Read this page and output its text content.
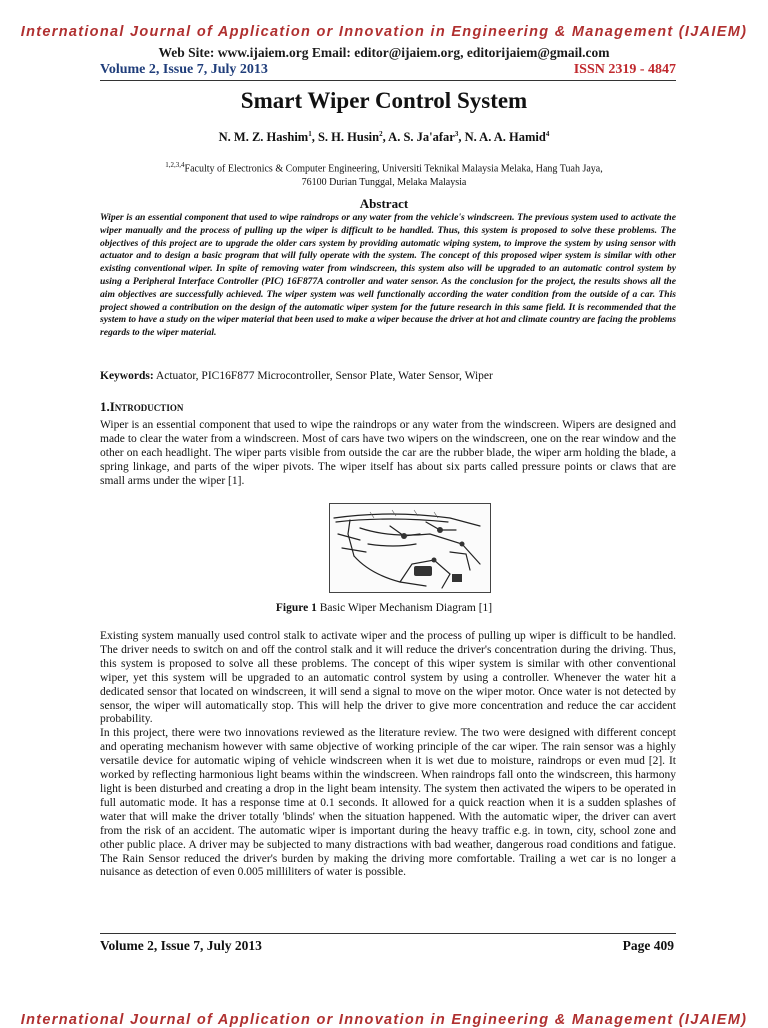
International Journal of Application or Innovation in Engineering & Management (IJAIEM)
Web Site: www.ijaiem.org Email: editor@ijaiem.org, editorijaiem@gmail.com
Volume 2, Issue 7, July 2013	ISSN 2319 - 4847
Smart Wiper Control System
N. M. Z. Hashim$^1$, S. H. Husin$^2$, A. S. Ja'afar$^3$, N. A. A. Hamid$^4$
$^{1,2,3,4}$Faculty of Electronics & Computer Engineering, Universiti Teknikal Malaysia Melaka, Hang Tuah Jaya,
76100 Durian Tunggal, Melaka Malaysia
Abstract
Wiper is an essential component that used to wipe raindrops or any water from the vehicle's windscreen. The previous system used to activate the wiper manually and the process of pulling up the wiper is difficult to be handled. Thus, this system is proposed to solve these problems. The objectives of this project are to upgrade the older cars system by providing automatic wiping system, to improve the system by using sensor with actuator and to design a basic program that will fully operate with the system. The concept of this proposed wiper system is similar with other existing conventional wiper. In spite of removing water from windscreen, this system also will be upgraded to an automatic control system by using a Peripheral Interface Controller (PIC) 16F877A controller and water sensor. As the conclusion for the project, the results shows all the aim objectives are successfully achieved. The wiper system was well functionally according the water condition from the outside of a car. This project showed a contribution on the design of the automatic wiper system for the future research in this same field. It is recommended that the system to have a study on the wiper material that been used to make a wiper because the driver at hot and climate country are facing the problems regards to the wiper material.
Keywords: Actuator, PIC16F877 Microcontroller, Sensor Plate, Water Sensor, Wiper
1.Introduction

Wiper is an essential component that used to wipe the raindrops or any water from the windscreen. Wipers are designed and made to clear the water from a windscreen. Most of cars have two wipers on the windscreen, one on the rear window and the other on each headlight. The wiper parts visible from outside the car are the rubber blade, the wiper arm holding the blade, a spring linkage, and parts of the wiper pivots. The wiper itself has about six parts called pressure points or claws that are small arms under the wiper [1].

Figure 1 Basic Wiper Mechanism Diagram [1]

Existing system manually used control stalk to activate wiper and the process of pulling up wiper is difficult to be handled. The driver needs to switch on and off the control stalk and it will reduce the driver's concentration during the driving. Thus, this system is proposed to solve all these problems. The concept of this wiper system is similar with other conventional wiper, yet this system will be upgraded to an automatic control system by using a controller. Whenever the water hit a dedicated sensor that located on windscreen, it will send a signal to move on the wiper motor. Once water is not detected by sensor, the wiper will automatically stop. This will help the driver to give more concentration and reduce the car accident probability.

In this project, there were two innovations reviewed as the literature review. The two were designed with different concept and operating mechanism however with same objective of working principle of the car wiper. The rain sensor was a highly versatile device for automatic wiping of vehicle windscreen when it is wet due to moisture, raindrops or even mud [2]. It worked by reflecting harmonious light beams within the windscreen. When raindrops fall onto the windscreen, this harmony light is been disturbed and creating a drop in the light beam intensity. The system then activated the wipers to be operated in full automatic mode. It has a response time at 0.1 seconds. It allowed for a quick reaction when it is a sudden splashes of water that will make the driver totally 'blinds' when the situation happened. With the automatic wiper, the driver can avert from the risk of an accident. The automatic wiper is important during the heavy traffic e.g. in town, city, school zone and other public place. A driver may be subjected to many distractions with bad weather, dangerous road conditions and fatigue. The Rain Sensor reduced the driver's burden by making the driving more comfortable. Trailing a wet car is no longer a nuisance as detection of even 0.005 milliliters of water is possible.

Volume 2, Issue 7, July 2013	Page 409
International Journal of Application or Innovation in Engineering & Management (IJAIEM)
